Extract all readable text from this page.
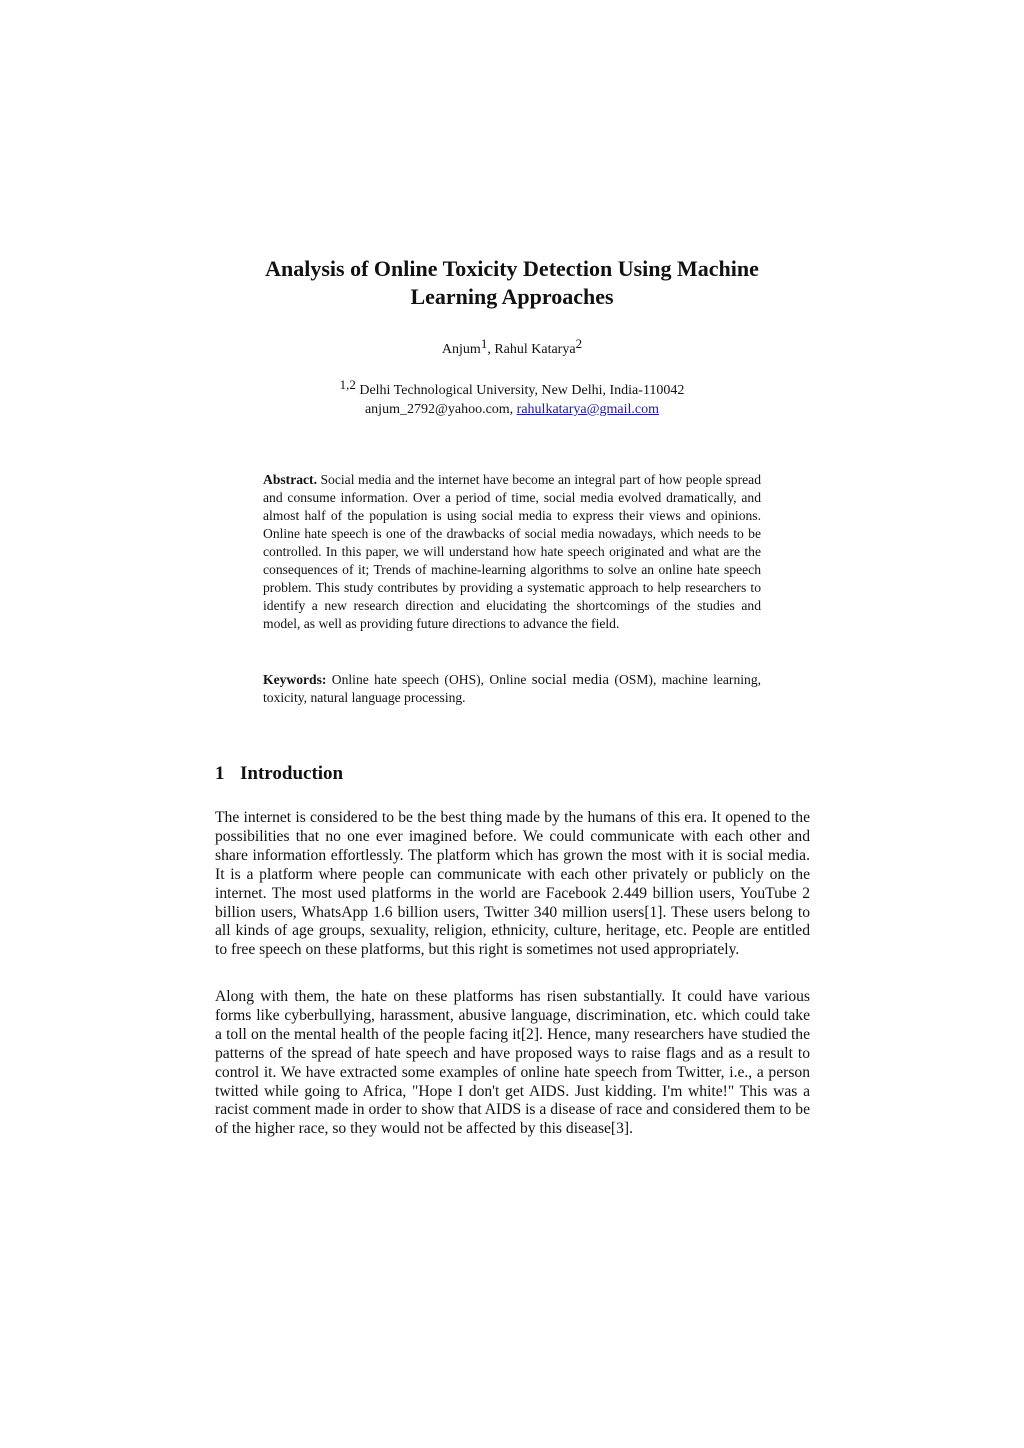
Analysis of Online Toxicity Detection Using Machine
Learning Approaches
Anjum$^1$, Rahul Katarya$^2$
$^{1,2}$ Delhi Technological University, New Delhi, India-110042
anjum_2792@yahoo.com, rahulkatarya@gmail.com

Abstract. Social media and the internet have become an integral part of how people spread and consume information. Over a period of time, social media evolved dramatically, and almost half of the population is using social media to express their views and opinions. Online hate speech is one of the drawbacks of social media nowadays, which needs to be controlled. In this paper, we will understand how hate speech originated and what are the consequences of it; Trends of machine-learning algorithms to solve an online hate speech problem. This study contributes by providing a systematic approach to help researchers to identify a new research direction and elucidating the shortcomings of the studies and model, as well as providing future directions to advance the field.

Keywords: Online hate speech (OHS), Online social media (OSM), machine learning, toxicity, natural language processing.

1 Introduction

The internet is considered to be the best thing made by the humans of this era. It opened to the possibilities that no one ever imagined before. We could communicate with each other and share information effortlessly. The platform which has grown the most with it is social media. It is a platform where people can communicate with each other privately or publicly on the internet. The most used platforms in the world are Facebook 2.449 billion users, YouTube 2 billion users, WhatsApp 1.6 billion users, Twitter 340 million users[1]. These users belong to all kinds of age groups, sexuality, religion, ethnicity, culture, heritage, etc. People are entitled to free speech on these platforms, but this right is sometimes not used appropriately.

Along with them, the hate on these platforms has risen substantially. It could have various forms like cyberbullying, harassment, abusive language, discrimination, etc. which could take a toll on the mental health of the people facing it[2]. Hence, many researchers have studied the patterns of the spread of hate speech and have proposed ways to raise flags and as a result to control it. We have extracted some examples of online hate speech from Twitter, i.e., a person twitted while going to Africa, "Hope I don't get AIDS. Just kidding. I'm white!" This was a racist comment made in order to show that AIDS is a disease of race and considered them to be of the higher race, so they would not be affected by this disease[3].
